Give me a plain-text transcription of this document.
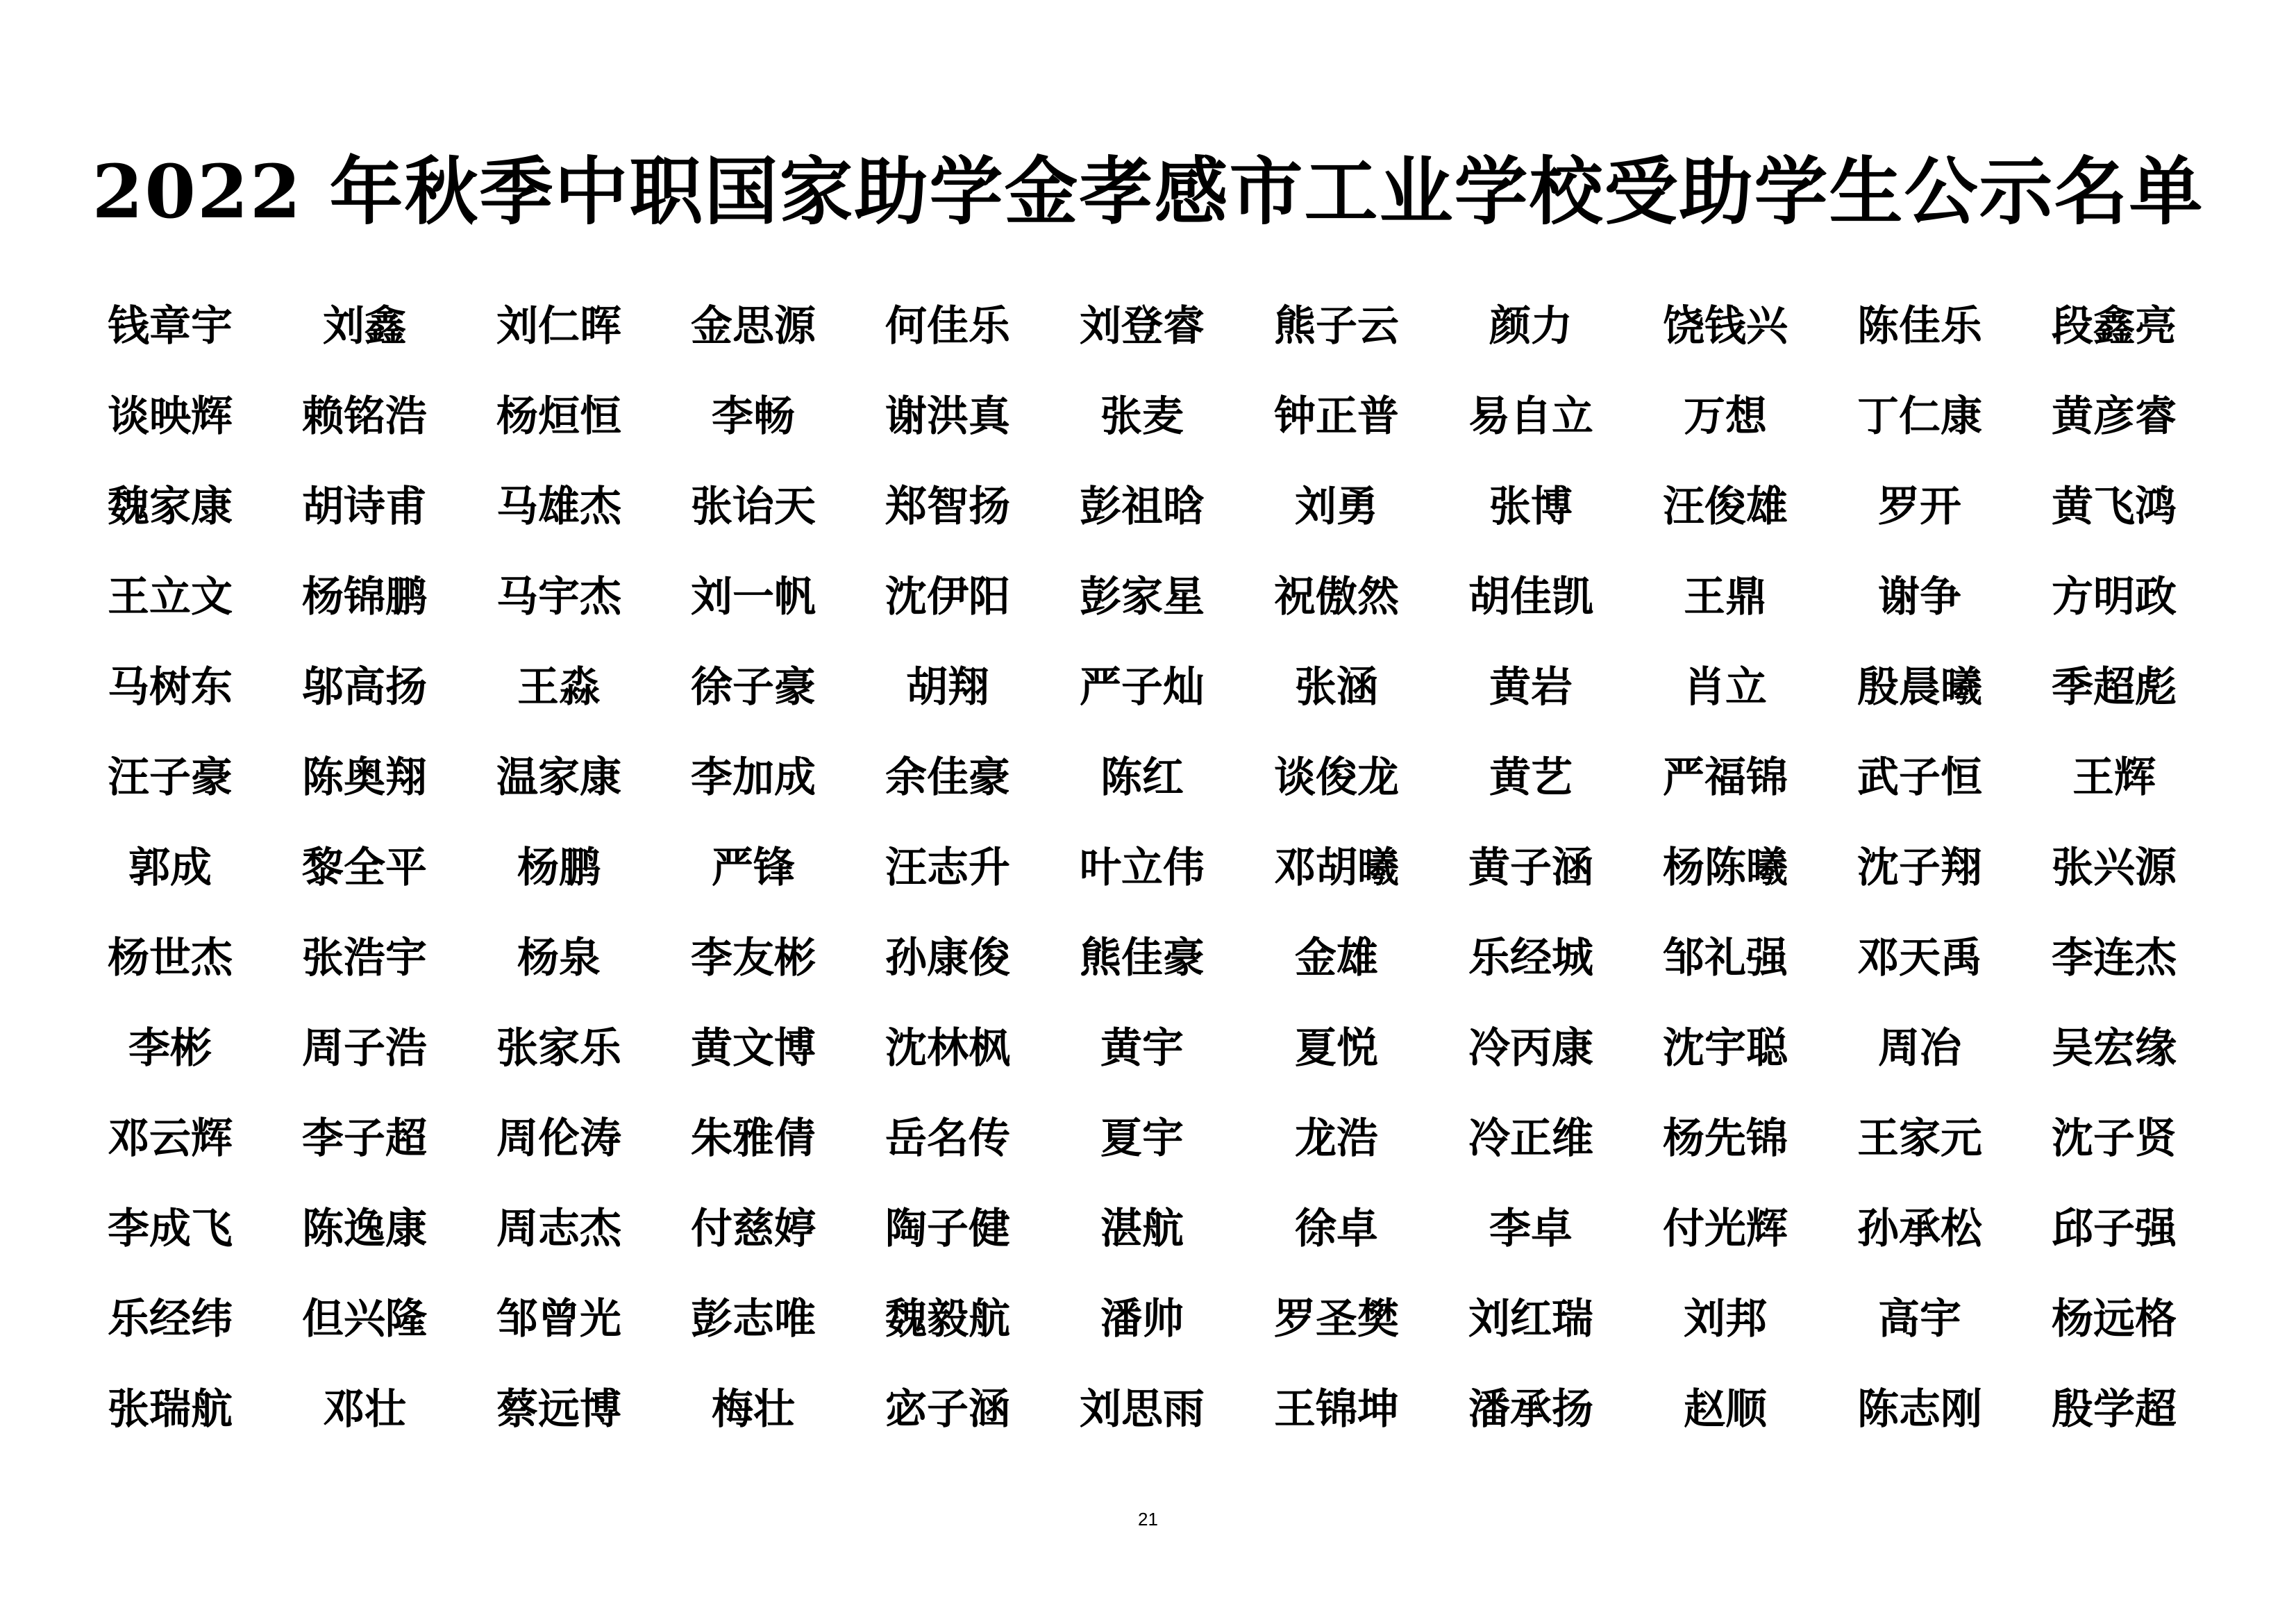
2022 年秋季中职国家助学金孝感市工业学校受助学生公示名单
钱章宇	刘鑫	刘仁晖	金思源	何佳乐	刘登睿	熊子云	颜力	饶钱兴	陈佳乐	段鑫亮
谈映辉	赖铭浩	杨烜恒	李畅	谢洪真	张麦	钟正普	易自立	万想	丁仁康	黄彦睿
魏家康	胡诗甫	马雄杰	张诒天	郑智扬	彭祖晗	刘勇	张博	汪俊雄	罗开	黄飞鸿
王立文	杨锦鹏	马宇杰	刘一帆	沈伊阳	彭家星	祝傲然	胡佳凯	王鼎	谢争	方明政
马树东	邬高扬	王淼	徐子豪	胡翔	严子灿	张涵	黄岩	肖立	殷晨曦	季超彪
汪子豪	陈奥翔	温家康	李加成	余佳豪	陈红	谈俊龙	黄艺	严福锦	武子恒	王辉
郭成	黎全平	杨鹏	严锋	汪志升	叶立伟	邓胡曦	黄子涵	杨陈曦	沈子翔	张兴源
杨世杰	张浩宇	杨泉	李友彬	孙康俊	熊佳豪	金雄	乐经城	邹礼强	邓天禹	李连杰
李彬	周子浩	张家乐	黄文博	沈林枫	黄宇	夏悦	冷丙康	沈宇聪	周冶	吴宏缘
邓云辉	李子超	周伦涛	朱雅倩	岳名传	夏宇	龙浩	冷正维	杨先锦	王家元	沈子贤
李成飞	陈逸康	周志杰	付慈婷	陶子健	湛航	徐卓	李卓	付光辉	孙承松	邱子强
乐经纬	但兴隆	邹曾光	彭志唯	魏毅航	潘帅	罗圣樊	刘红瑞	刘邦	高宇	杨远格
张瑞航	邓壮	蔡远博	梅壮	宓子涵	刘思雨	王锦坤	潘承扬	赵顺	陈志刚	殷学超
21
